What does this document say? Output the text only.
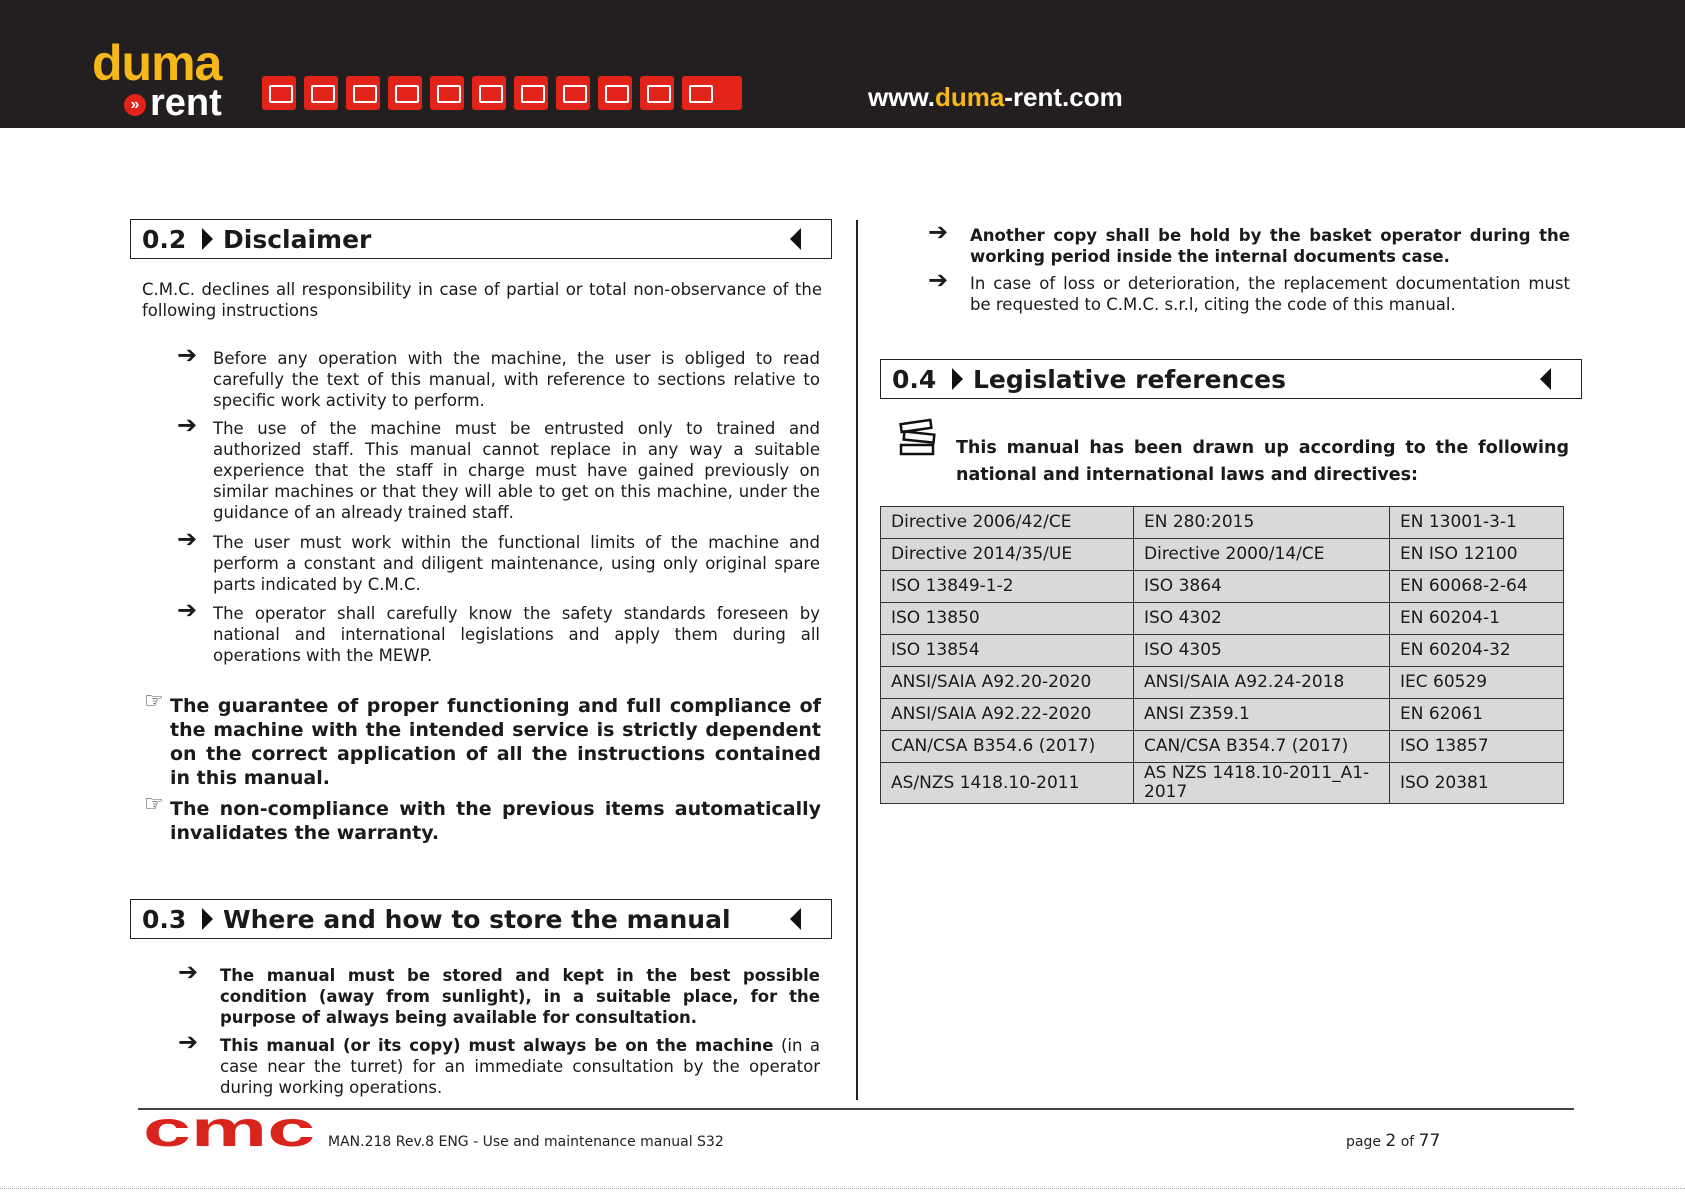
duma
» rent	www.duma-rent.com
0.2	Disclaimer
C.M.C. declines all responsibility in case of partial or total non-observance of the following instructions
➔ Before any operation with the machine, the user is obliged to read carefully the text of this manual, with reference to sections relative to specific work activity to perform.
➔ The use of the machine must be entrusted only to trained and authorized staff. This manual cannot replace in any way a suitable experience that the staff in charge must have gained previously on similar machines or that they will able to get on this machine, under the guidance of an already trained staff.
➔ The user must work within the functional limits of the machine and perform a constant and diligent maintenance, using only original spare parts indicated by C.M.C.
➔ The operator shall carefully know the safety standards foreseen by national and international legislations and apply them during all operations with the MEWP.
☞ The guarantee of proper functioning and full compliance of the machine with the intended service is strictly dependent on the correct application of all the instructions contained in this manual.
☞ The non-compliance with the previous items automatically invalidates the warranty.
0.3	Where and how to store the manual
➔ The manual must be stored and kept in the best possible condition (away from sunlight), in a suitable place, for the purpose of always being available for consultation.
➔ This manual (or its copy) must always be on the machine (in a case near the turret) for an immediate consultation by the operator during working operations.
➔ Another copy shall be hold by the basket operator during the working period inside the internal documents case.
➔ In case of loss or deterioration, the replacement documentation must be requested to C.M.C. s.r.l, citing the code of this manual.
0.4	Legislative references
This manual has been drawn up according to the following national and international laws and directives:
Directive 2006/42/CE	EN 280:2015	EN 13001-3-1
Directive 2014/35/UE	Directive 2000/14/CE	EN ISO 12100
ISO 13849-1-2	ISO 3864	EN 60068-2-64
ISO 13850	ISO 4302	EN 60204-1
ISO 13854	ISO 4305	EN 60204-32
ANSI/SAIA A92.20-2020	ANSI/SAIA A92.24-2018	IEC 60529
ANSI/SAIA A92.22-2020	ANSI Z359.1	EN 62061
CAN/CSA B354.6 (2017)	CAN/CSA B354.7 (2017)	ISO 13857
AS/NZS 1418.10-2011	AS NZS 1418.10-2011_A1-2017	ISO 20381
cmc MAN.218 Rev.8 ENG - Use and maintenance manual S32	page 2 of 77
